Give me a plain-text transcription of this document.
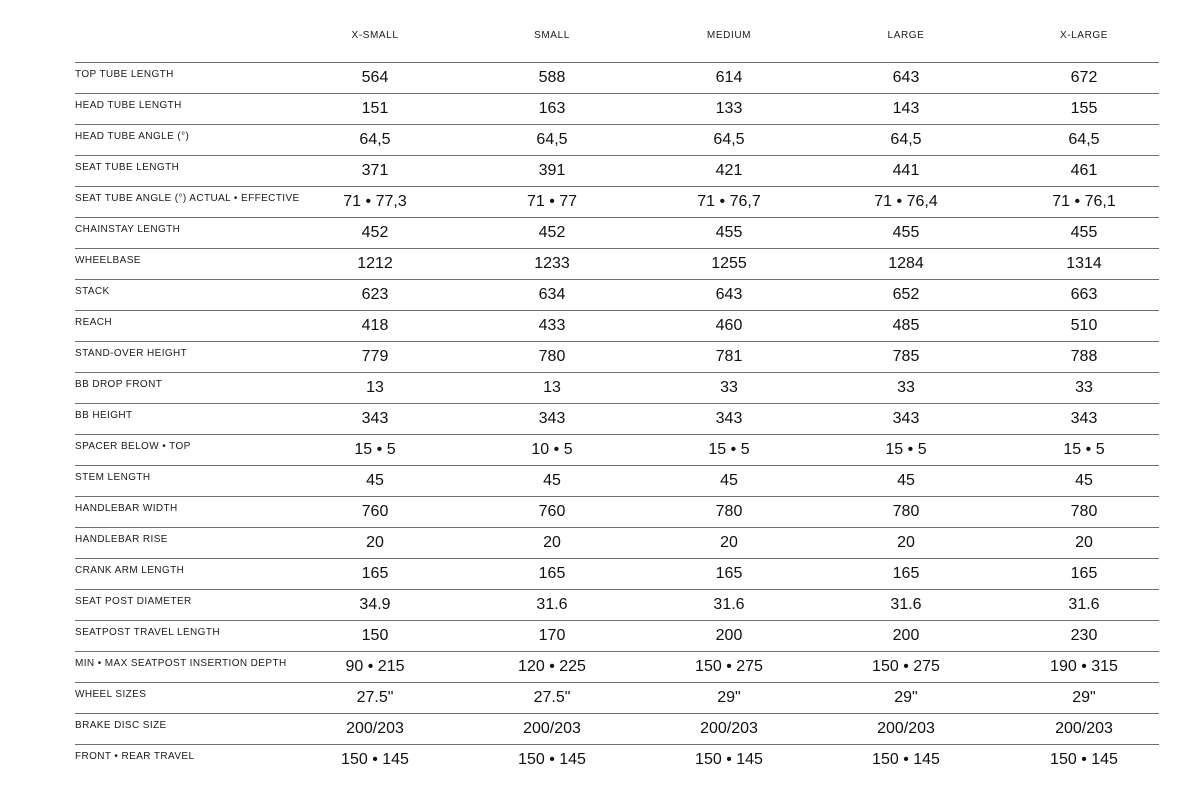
X-SMALL	SMALL	MEDIUM	LARGE	X-LARGE
TOP TUBE LENGTH	564	588	614	643	672
HEAD TUBE LENGTH	151	163	133	143	155
HEAD TUBE ANGLE (°)	64,5	64,5	64,5	64,5	64,5
SEAT TUBE LENGTH	371	391	421	441	461
SEAT TUBE ANGLE (°) ACTUAL • EFFECTIVE	71 • 77,3	71 • 77	71 • 76,7	71 • 76,4	71 • 76,1
CHAINSTAY LENGTH	452	452	455	455	455
WHEELBASE	1212	1233	1255	1284	1314
STACK	623	634	643	652	663
REACH	418	433	460	485	510
STAND-OVER HEIGHT	779	780	781	785	788
BB DROP FRONT	13	13	33	33	33
BB HEIGHT	343	343	343	343	343
SPACER BELOW • TOP	15 • 5	10 • 5	15 • 5	15 • 5	15 • 5
STEM LENGTH	45	45	45	45	45
HANDLEBAR WIDTH	760	760	780	780	780
HANDLEBAR RISE	20	20	20	20	20
CRANK ARM LENGTH	165	165	165	165	165
SEAT POST DIAMETER	34.9	31.6	31.6	31.6	31.6
SEATPOST TRAVEL LENGTH	150	170	200	200	230
MIN • MAX SEATPOST INSERTION DEPTH	90 • 215	120 • 225	150 • 275	150 • 275	190 • 315
WHEEL SIZES	27.5"	27.5"	29"	29"	29"
BRAKE DISC SIZE	200/203	200/203	200/203	200/203	200/203
FRONT • REAR TRAVEL	150 • 145	150 • 145	150 • 145	150 • 145	150 • 145
